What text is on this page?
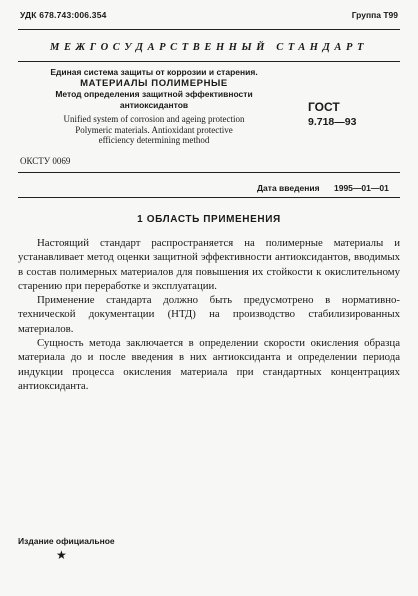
УДК 678.743:006.354	Группа Т99
МЕЖГОСУДАРСТВЕННЫЙ СТАНДАРТ
Единая система защиты от коррозии и старения.
МАТЕРИАЛЫ ПОЛИМЕРНЫЕ
Метод определения защитной эффективности
антиоксидантов
Unified system of corrosion and ageing protection
Polymeric materials. Antioxidant protective
efficiency determining method
ГОСТ
9.718—93
ОКСТУ 0069
Дата введения 1995—01—01
1 ОБЛАСТЬ ПРИМЕНЕНИЯ

Настоящий стандарт распространяется на полимерные материалы и устанавливает метод оценки защитной эффективности антиоксидантов, вводимых в состав полимерных материалов для повышения их стойкости к окислительному старению при переработке и эксплуатации.

Применение стандарта должно быть предусмотрено в нормативно-технической документации (НТД) на производство стабилизированных материалов.

Сущность метода заключается в определении скорости окисления образца материала до и после введения в них антиоксиданта и определении периода индукции процесса окисления материала при стандартных концентрациях антиоксиданта.

Издание официальное
★
